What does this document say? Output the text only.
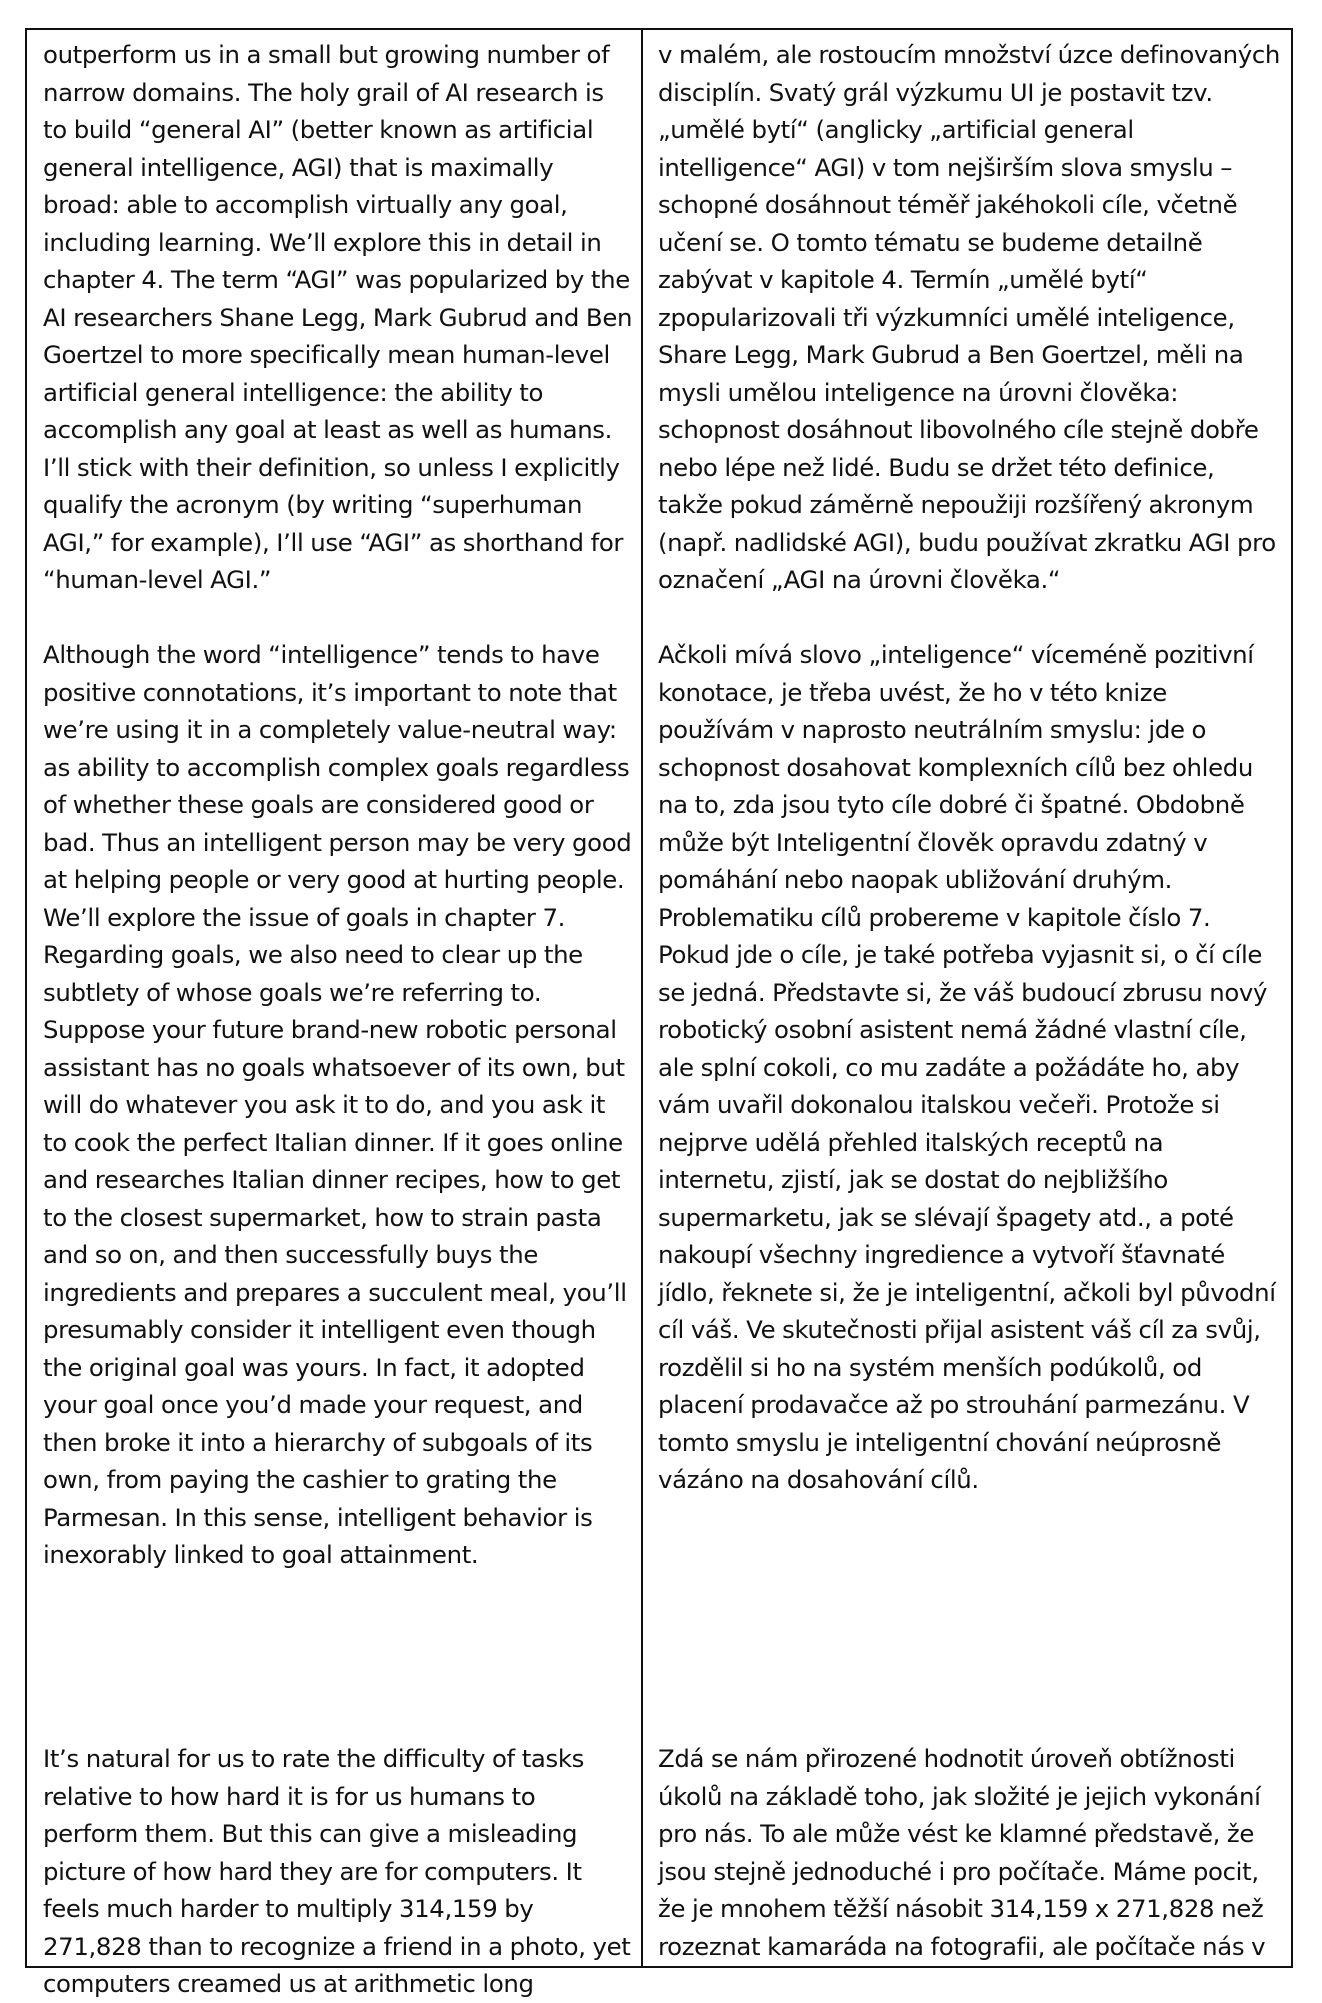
outperform us in a small but growing number of narrow domains. The holy grail of AI research is to build “general AI” (better known as artificial general intelligence, AGI) that is maximally broad: able to accomplish virtually any goal, including learning. We’ll explore this in detail in chapter 4. The term “AGI” was popularized by the AI researchers Shane Legg, Mark Gubrud and Ben Goertzel to more specifically mean human-level artificial general intelligence: the ability to accomplish any goal at least as well as humans. I’ll stick with their definition, so unless I explicitly qualify the acronym (by writing “superhuman AGI,” for example), I’ll use “AGI” as shorthand for “human-level AGI.”

Although the word “intelligence” tends to have positive connotations, it’s important to note that we’re using it in a completely value-neutral way: as ability to accomplish complex goals regardless of whether these goals are considered good or bad. Thus an intelligent person may be very good at helping people or very good at hurting people. We’ll explore the issue of goals in chapter 7. Regarding goals, we also need to clear up the subtlety of whose goals we’re referring to. Suppose your future brand-new robotic personal assistant has no goals whatsoever of its own, but will do whatever you ask it to do, and you ask it to cook the perfect Italian dinner. If it goes online and researches Italian dinner recipes, how to get to the closest supermarket, how to strain pasta and so on, and then successfully buys the ingredients and prepares a succulent meal, you’ll presumably consider it intelligent even though the original goal was yours. In fact, it adopted your goal once you’d made your request, and then broke it into a hierarchy of subgoals of its own, from paying the cashier to grating the Parmesan. In this sense, intelligent behavior is inexorably linked to goal attainment.

It’s natural for us to rate the difficulty of tasks relative to how hard it is for us humans to perform them. But this can give a misleading picture of how hard they are for computers. It feels much harder to multiply 314,159 by 271,828 than to recognize a friend in a photo, yet computers creamed us at arithmetic long

v malém, ale rostoucím množství úzce definovaných disciplín. Svatý grál výzkumu UI je postavit tzv. „umělé bytí“ (anglicky „artificial general intelligence“ AGI) v tom nejširším slova smyslu – schopné dosáhnout téměř jakéhokoli cíle, včetně učení se. O tomto tématu se budeme detailně zabývat v kapitole 4. Termín „umělé bytí“ zpopularizovali tři výzkumníci umělé inteligence, Share Legg, Mark Gubrud a Ben Goertzel, měli na mysli umělou inteligence na úrovni člověka: schopnost dosáhnout libovolného cíle stejně dobře nebo lépe než lidé. Budu se držet této definice, takže pokud záměrně nepoužiji rozšířený akronym (např. nadlidské AGI), budu používat zkratku AGI pro označení „AGI na úrovni člověka.“

Ačkoli mívá slovo „inteligence“ víceméně pozitivní konotace, je třeba uvést, že ho v této knize používám v naprosto neutrálním smyslu: jde o schopnost dosahovat komplexních cílů bez ohledu na to, zda jsou tyto cíle dobré či špatné. Obdobně může být Inteligentní člověk opravdu zdatný v pomáhání nebo naopak ubližování druhým. Problematiku cílů probereme v kapitole číslo 7. Pokud jde o cíle, je také potřeba vyjasnit si, o čí cíle se jedná. Představte si, že váš budoucí zbrusu nový robotický osobní asistent nemá žádné vlastní cíle, ale splní cokoli, co mu zadáte a požádáte ho, aby vám uvařil dokonalou italskou večeři. Protože si nejprve udělá přehled italských receptů na internetu, zjistí, jak se dostat do nejbližšího supermarketu, jak se slévají špagety atd., a poté nakoupí všechny ingredience a vytvoří šťavnaté jídlo, řeknete si, že je inteligentní, ačkoli byl původní cíl váš. Ve skutečnosti přijal asistent váš cíl za svůj, rozdělil si ho na systém menších podúkolů, od placení prodavačce až po strouhání parmezánu. V tomto smyslu je inteligentní chování neúprosně vázáno na dosahování cílů.

Zdá se nám přirozené hodnotit úroveň obtížnosti úkolů na základě toho, jak složité je jejich vykonání pro nás. To ale může vést ke klamné představě, že jsou stejně jednoduché i pro počítače. Máme pocit, že je mnohem těžší násobit 314,159 x 271,828 než rozeznat kamaráda na fotografii, ale počítače nás v
